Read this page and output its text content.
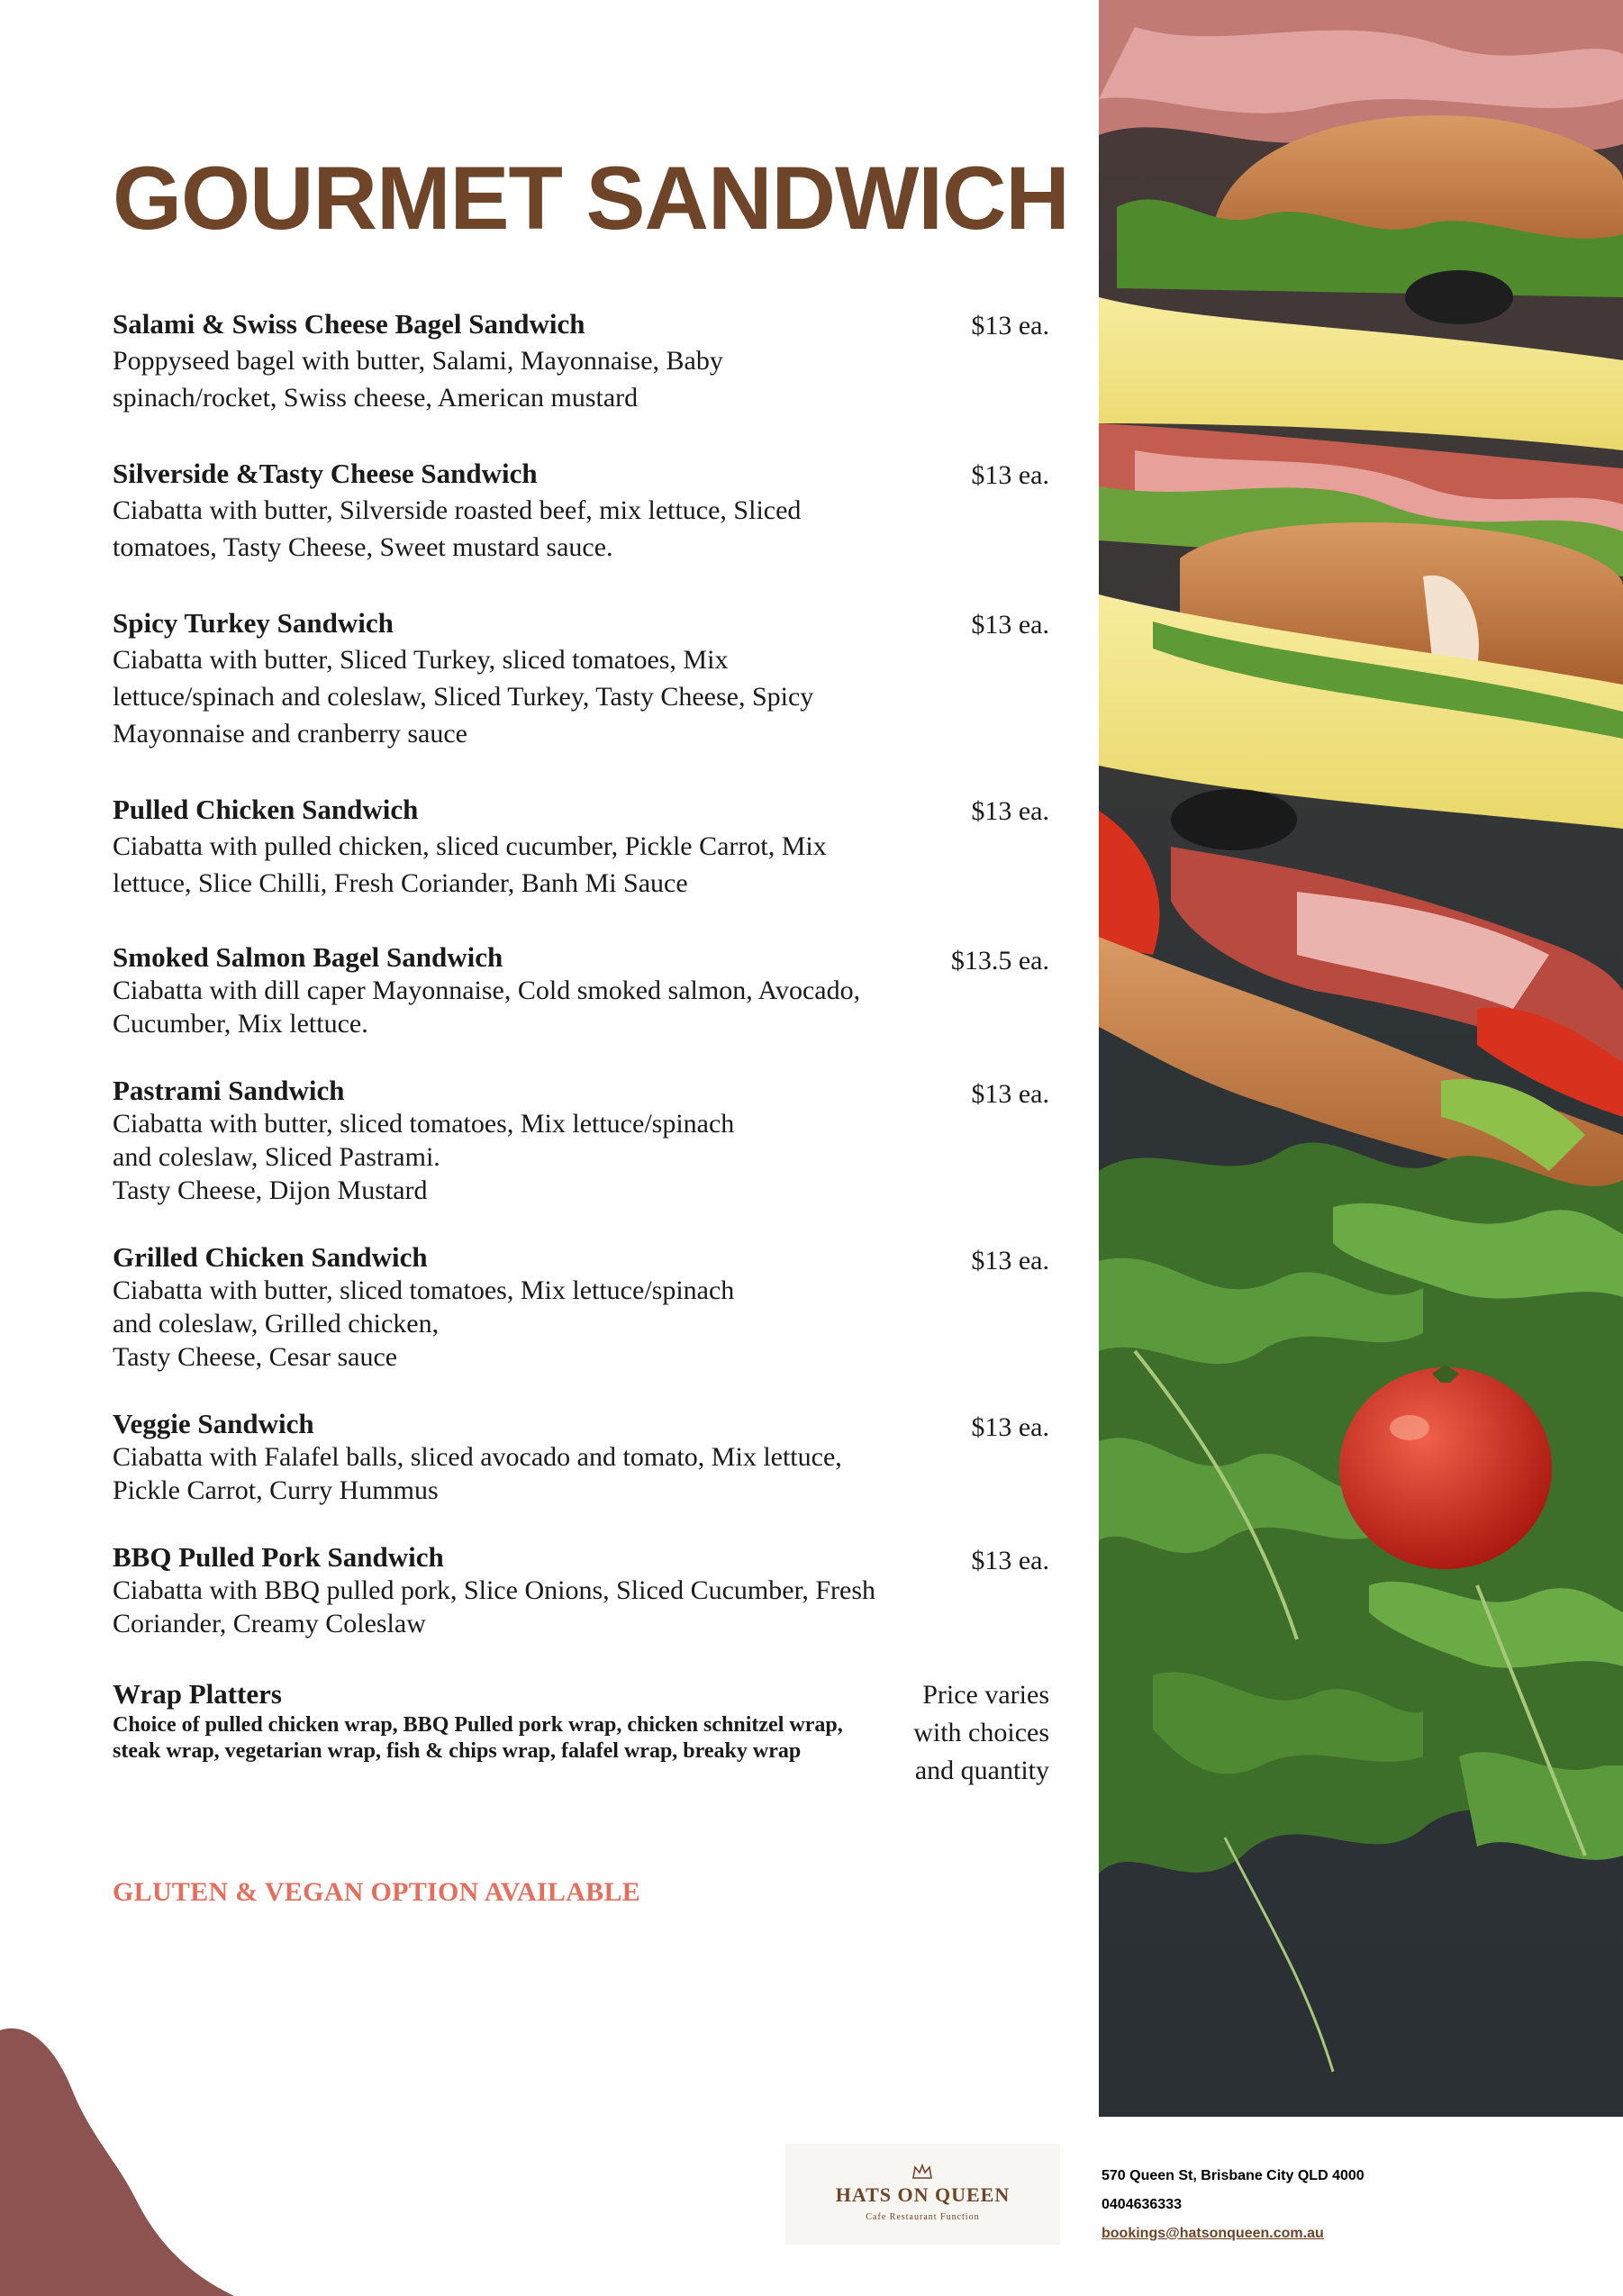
GOURMET SANDWICH
Salami & Swiss Cheese Bagel Sandwich
Poppyseed bagel with butter, Salami, Mayonnaise, Baby spinach/rocket, Swiss cheese, American mustard
$13 ea.
Silverside &Tasty Cheese Sandwich
Ciabatta with butter, Silverside roasted beef, mix lettuce, Sliced tomatoes, Tasty Cheese, Sweet mustard sauce.
$13 ea.
Spicy Turkey Sandwich
Ciabatta with butter, Sliced Turkey, sliced tomatoes, Mix lettuce/spinach and coleslaw, Sliced Turkey, Tasty Cheese, Spicy Mayonnaise and cranberry sauce
$13 ea.
Pulled Chicken Sandwich
Ciabatta with pulled chicken, sliced cucumber, Pickle Carrot, Mix lettuce, Slice Chilli, Fresh Coriander, Banh Mi Sauce
$13 ea.
Smoked Salmon Bagel Sandwich
Ciabatta with dill caper Mayonnaise, Cold smoked salmon, Avocado, Cucumber, Mix lettuce.
$13.5 ea.
Pastrami Sandwich
Ciabatta with butter, sliced tomatoes, Mix lettuce/spinach
and coleslaw, Sliced Pastrami.
Tasty Cheese, Dijon Mustard
$13 ea.
Grilled Chicken Sandwich
Ciabatta with butter, sliced tomatoes, Mix lettuce/spinach
and coleslaw, Grilled chicken,
Tasty Cheese, Cesar sauce
$13 ea.
Veggie Sandwich
Ciabatta with Falafel balls, sliced avocado and tomato, Mix lettuce, Pickle Carrot, Curry Hummus
$13 ea.
BBQ Pulled Pork Sandwich
Ciabatta with BBQ pulled pork, Slice Onions, Sliced Cucumber, Fresh Coriander, Creamy Coleslaw
$13 ea.
Wrap Platters
Choice of pulled chicken wrap, BBQ Pulled pork wrap, chicken schnitzel wrap, steak wrap, vegetarian wrap, fish & chips wrap, falafel wrap, breaky wrap
Price varies
with choices
and quantity
GLUTEN & VEGAN OPTION AVAILABLE
HATS ON QUEEN
Cafe Restaurant Function
570 Queen St, Brisbane City QLD 4000
0404636333
bookings@hatsonqueen.com.au
